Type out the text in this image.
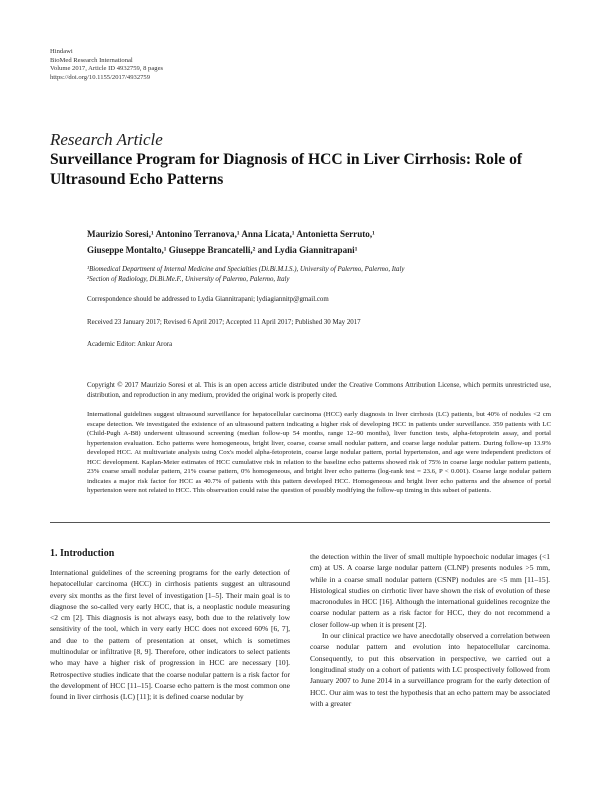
Hindawi
BioMed Research International
Volume 2017, Article ID 4932759, 8 pages
https://doi.org/10.1155/2017/4932759
Research Article
Surveillance Program for Diagnosis of HCC in Liver Cirrhosis: Role of Ultrasound Echo Patterns
Maurizio Soresi,¹ Antonino Terranova,¹ Anna Licata,¹ Antonietta Serruto,¹
Giuseppe Montalto,¹ Giuseppe Brancatelli,² and Lydia Giannitrapani¹
¹Biomedical Department of Internal Medicine and Specialties (Di.Bi.M.I.S.), University of Palermo, Palermo, Italy
²Section of Radiology, Di.Bi.Me.F., University of Palermo, Palermo, Italy
Correspondence should be addressed to Lydia Giannitrapani; lydiagiannitp@gmail.com
Received 23 January 2017; Revised 6 April 2017; Accepted 11 April 2017; Published 30 May 2017
Academic Editor: Ankur Arora
Copyright © 2017 Maurizio Soresi et al. This is an open access article distributed under the Creative Commons Attribution License, which permits unrestricted use, distribution, and reproduction in any medium, provided the original work is properly cited.
International guidelines suggest ultrasound surveillance for hepatocellular carcinoma (HCC) early diagnosis in liver cirrhosis (LC) patients, but 40% of nodules <2 cm escape detection. We investigated the existence of an ultrasound pattern indicating a higher risk of developing HCC in patients under surveillance. 359 patients with LC (Child-Pugh A-B8) underwent ultrasound screening (median follow-up 54 months, range 12–90 months), liver function tests, alpha-fetoprotein assay, and portal hypertension evaluation. Echo patterns were homogeneous, bright liver, coarse, coarse small nodular pattern, and coarse large nodular pattern. During follow-up 13.9% developed HCC. At multivariate analysis using Cox's model alpha-fetoprotein, coarse large nodular pattern, portal hypertension, and age were independent predictors of HCC development. Kaplan-Meier estimates of HCC cumulative risk in relation to the baseline echo patterns showed risk of 75% in coarse large nodular pattern patients, 23% coarse small nodular pattern, 21% coarse pattern, 0% homogeneous, and bright liver echo patterns (log-rank test = 23.6, P < 0.001). Coarse large nodular pattern indicates a major risk factor for HCC as 40.7% of patients with this pattern developed HCC. Homogeneous and bright liver echo patterns and the absence of portal hypertension were not related to HCC. This observation could raise the question of possibly modifying the follow-up timing in this subset of patients.
1. Introduction

International guidelines of the screening programs for the early detection of hepatocellular carcinoma (HCC) in cirrhosis patients suggest an ultrasound every six months as the first level of investigation [1–5]. Their main goal is to diagnose the so-called very early HCC, that is, a neoplastic nodule measuring <2 cm [2]. This diagnosis is not always easy, both due to the relatively low sensitivity of the tool, which in very early HCC does not exceed 60% [6, 7], and due to the pattern of presentation at onset, which is sometimes multinodular or infiltrative [8, 9]. Therefore, other indicators to select patients who may have a higher risk of progression in HCC are necessary [10]. Retrospective studies indicate that the coarse nodular pattern is a risk factor for the development of HCC [11–15]. Coarse echo pattern is the most common one found in liver cirrhosis (LC) [11]; it is defined coarse nodular by

the detection within the liver of small multiple hypoechoic nodular images (<1 cm) at US. A coarse large nodular pattern (CLNP) presents nodules >5 mm, while in a coarse small nodular pattern (CSNP) nodules are <5 mm [11–15]. Histological studies on cirrhotic liver have shown the risk of evolution of these macronodules in HCC [16]. Although the international guidelines recognize the coarse nodular pattern as a risk factor for HCC, they do not recommend a closer follow-up when it is present [2].

In our clinical practice we have anecdotally observed a correlation between coarse nodular pattern and evolution into hepatocellular carcinoma. Consequently, to put this observation in perspective, we carried out a longitudinal study on a cohort of patients with LC prospectively followed from January 2007 to June 2014 in a surveillance program for the early detection of HCC. Our aim was to test the hypothesis that an echo pattern may be associated with a greater
